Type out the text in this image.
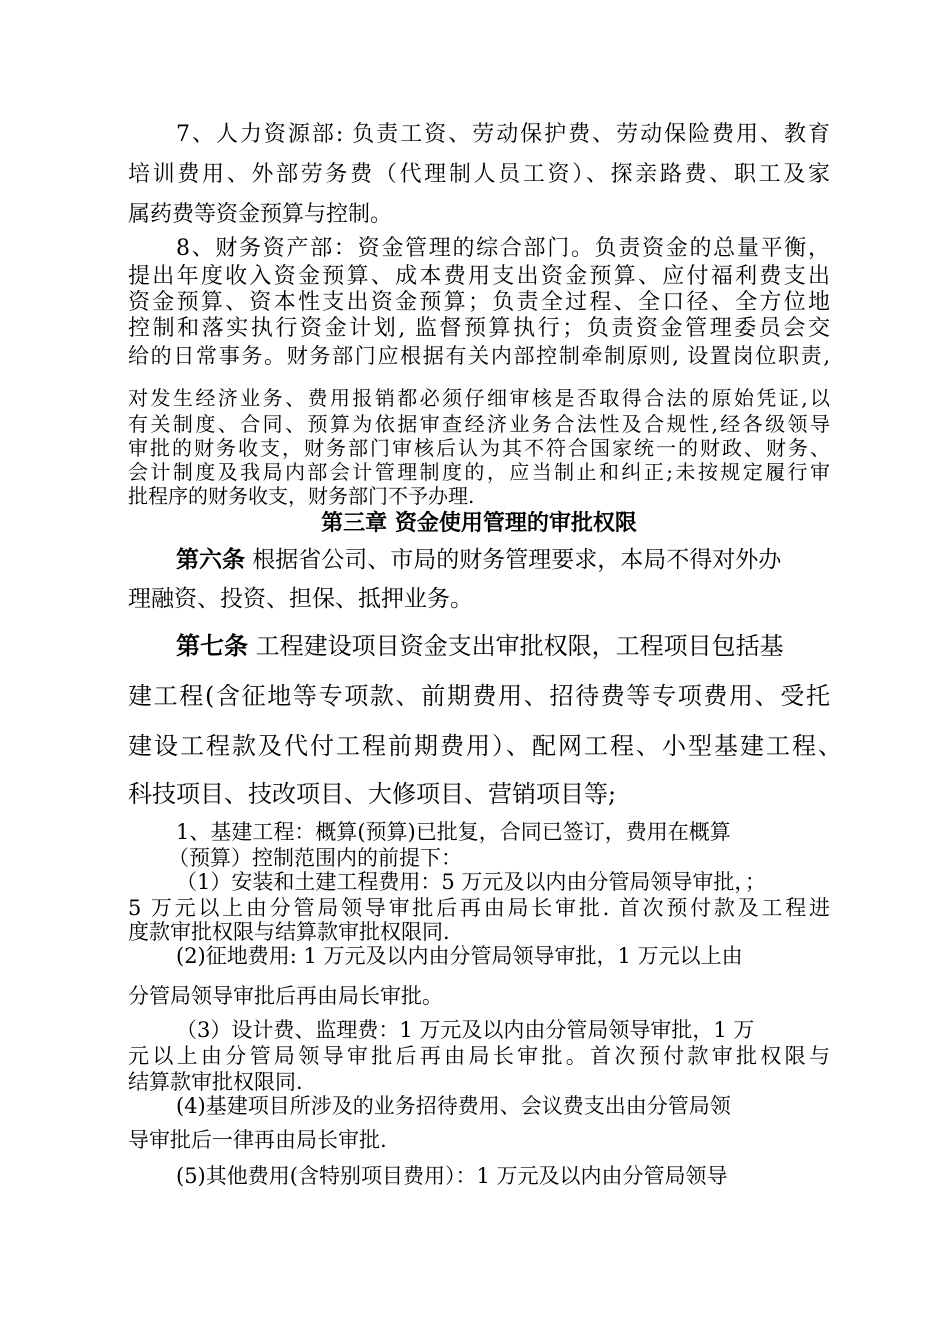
7、人力资源部: 负责工资、劳动保护费、劳动保险费用、教育
培训费用、外部劳务费（代理制人员工资）、探亲路费、职工及家
属药费等资金预算与控制。
8、财务资产部：资金管理的综合部门。负责资金的总量平衡，
提出年度收入资金预算、成本费用支出资金预算、应付福利费支出
资金预算、资本性支出资金预算；负责全过程、全口径、全方位地
控制和落实执行资金计划, 监督预算执行；负责资金管理委员会交
给的日常事务。财务部门应根据有关内部控制牵制原则, 设置岗位职责,
对发生经济业务、费用报销都必须仔细审核是否取得合法的原始凭证,以
有关制度、合同、预算为依据审查经济业务合法性及合规性,经各级领导
审批的财务收支，财务部门审核后认为其不符合国家统一的财政、财务、
会计制度及我局内部会计管理制度的，应当制止和纠正;未按规定履行审
批程序的财务收支，财务部门不予办理.
第三章 资金使用管理的审批权限
第六条 根据省公司、市局的财务管理要求，本局不得对外办
理融资、投资、担保、抵押业务。
第七条 工程建设项目资金支出审批权限，工程项目包括基
建工程(含征地等专项款、前期费用、招待费等专项费用、受托
建设工程款及代付工程前期费用）、配网工程、小型基建工程、
科技项目、技改项目、大修项目、营销项目等;
1、基建工程：概算(预算)已批复，合同已签订，费用在概算
（预算）控制范围内的前提下：
（1）安装和土建工程费用：5 万元及以内由分管局领导审批，；
5 万元以上由分管局领导审批后再由局长审批. 首次预付款及工程进
度款审批权限与结算款审批权限同.
(2)征地费用: 1 万元及以内由分管局领导审批，1 万元以上由
分管局领导审批后再由局长审批。
（3）设计费、监理费：1 万元及以内由分管局领导审批，1 万
元以上由分管局领导审批后再由局长审批。首次预付款审批权限与
结算款审批权限同.
(4)基建项目所涉及的业务招待费用、会议费支出由分管局领
导审批后一律再由局长审批.
(5)其他费用(含特别项目费用）：1 万元及以内由分管局领导
